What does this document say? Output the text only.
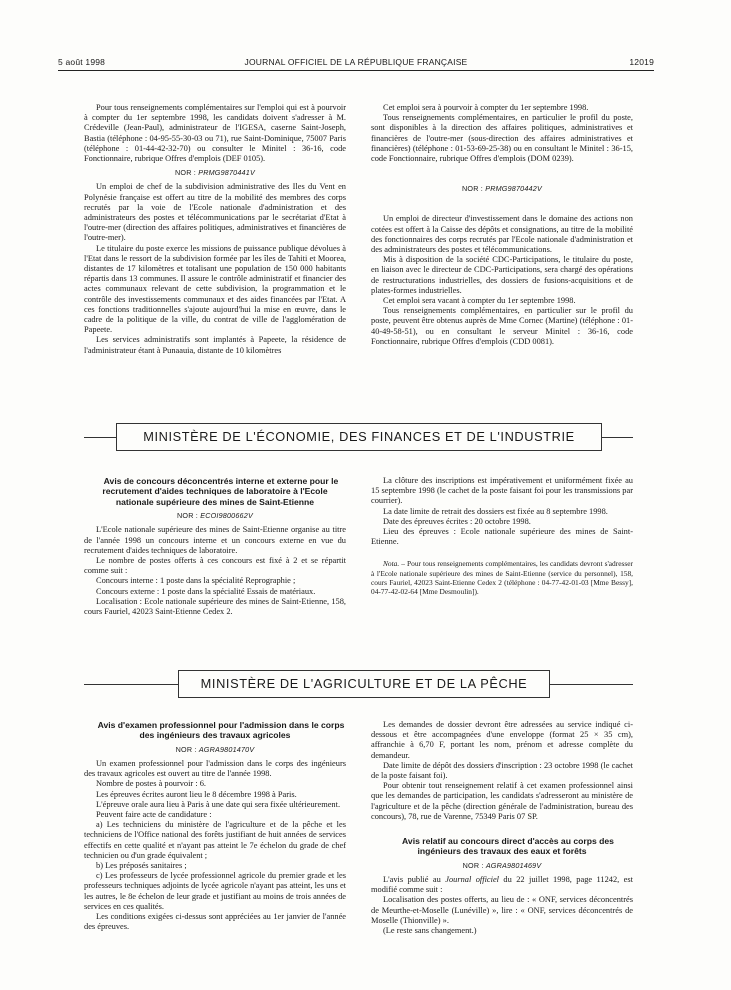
5 août 1998	JOURNAL OFFICIEL DE LA RÉPUBLIQUE FRANÇAISE	12019

Pour tous renseignements complémentaires sur l'emploi qui est à pourvoir à compter du 1er septembre 1998, les candidats doivent s'adresser à M. Crédeville (Jean-Paul), administrateur de l'IGESA, caserne Saint-Joseph, Bastia (téléphone : 04-95-55-30-03 ou 71), rue Saint-Dominique, 75007 Paris (téléphone : 01-44-42-32-70) ou consulter le Minitel : 36-16, code Fonctionnaire, rubrique Offres d'emplois (DEF 0105).

NOR : PRMG9870441V

Un emploi de chef de la subdivision administrative des Iles du Vent en Polynésie française est offert au titre de la mobilité des membres des corps recrutés par la voie de l'Ecole nationale d'administration et des administrateurs des postes et télécommunications par le secrétariat d'Etat à l'outre-mer (direction des affaires politiques, administratives et financières de l'outre-mer).

Le titulaire du poste exerce les missions de puissance publique dévolues à l'Etat dans le ressort de la subdivision formée par les îles de Tahiti et Moorea, distantes de 17 kilomètres et totalisant une population de 150 000 habitants répartis dans 13 communes. Il assure le contrôle administratif et financier des actes communaux relevant de cette subdivision, la programmation et le contrôle des investissements communaux et des aides financées par l'Etat. A ces fonctions traditionnelles s'ajoute aujourd'hui la mise en œuvre, dans le cadre de la politique de la ville, du contrat de ville de l'agglomération de Papeete.

Les services administratifs sont implantés à Papeete, la résidence de l'administrateur étant à Punaauia, distante de 10 kilomètres

Cet emploi sera à pourvoir à compter du 1er septembre 1998.

Tous renseignements complémentaires, en particulier le profil du poste, sont disponibles à la direction des affaires politiques, administratives et financières de l'outre-mer (sous-direction des affaires administratives et financières) (téléphone : 01-53-69-25-38) ou en consultant le Minitel : 36-15, code Fonctionnaire, rubrique Offres d'emplois (DOM 0239).

NOR : PRMG9870442V

Un emploi de directeur d'investissement dans le domaine des actions non cotées est offert à la Caisse des dépôts et consignations, au titre de la mobilité des fonctionnaires des corps recrutés par l'Ecole nationale d'administration et des administrateurs des postes et télécommunications.

Mis à disposition de la société CDC-Participations, le titulaire du poste, en liaison avec le directeur de CDC-Participations, sera chargé des opérations de restructurations industrielles, des dossiers de fusions-acquisitions et de plates-formes industrielles.

Cet emploi sera vacant à compter du 1er septembre 1998.

Tous renseignements complémentaires, en particulier sur le profil du poste, peuvent être obtenus auprès de Mme Cornec (Martine) (téléphone : 01-40-49-58-51), ou en consultant le serveur Minitel : 36-16, code Fonctionnaire, rubrique Offres d'emplois (CDD 0081).

MINISTÈRE DE L'ÉCONOMIE, DES FINANCES ET DE L'INDUSTRIE

Avis de concours déconcentrés interne et externe pour le recrutement d'aides techniques de laboratoire à l'Ecole nationale supérieure des mines de Saint-Etienne

NOR : ECOI9800662V

L'Ecole nationale supérieure des mines de Saint-Etienne organise au titre de l'année 1998 un concours interne et un concours externe en vue du recrutement d'aides techniques de laboratoire.

Le nombre de postes offerts à ces concours est fixé à 2 et se répartit comme suit :

Concours interne : 1 poste dans la spécialité Reprographie ;

Concours externe : 1 poste dans la spécialité Essais de matériaux.

Localisation : Ecole nationale supérieure des mines de Saint-Etienne, 158, cours Fauriel, 42023 Saint-Etienne Cedex 2.

La clôture des inscriptions est impérativement et uniformément fixée au 15 septembre 1998 (le cachet de la poste faisant foi pour les transmissions par courrier).

La date limite de retrait des dossiers est fixée au 8 septembre 1998.

Date des épreuves écrites : 20 octobre 1998.

Lieu des épreuves : Ecole nationale supérieure des mines de Saint-Etienne.

Nota. – Pour tous renseignements complémentaires, les candidats devront s'adresser à l'Ecole nationale supérieure des mines de Saint-Etienne (service du personnel), 158, cours Fauriel, 42023 Saint-Etienne Cedex 2 (téléphone : 04-77-42-01-03 [Mme Bessy], 04-77-42-02-64 [Mme Desmoulin]).

MINISTÈRE DE L'AGRICULTURE ET DE LA PÊCHE

Avis d'examen professionnel pour l'admission dans le corps des ingénieurs des travaux agricoles

NOR : AGRA9801470V

Un examen professionnel pour l'admission dans le corps des ingénieurs des travaux agricoles est ouvert au titre de l'année 1998.

Nombre de postes à pourvoir : 6.

Les épreuves écrites auront lieu le 8 décembre 1998 à Paris.

L'épreuve orale aura lieu à Paris à une date qui sera fixée ultérieurement.

Peuvent faire acte de candidature :

a) Les techniciens du ministère de l'agriculture et de la pêche et les techniciens de l'Office national des forêts justifiant de huit années de services effectifs en cette qualité et n'ayant pas atteint le 7e échelon du grade de chef technicien ou d'un grade équivalent ;

b) Les préposés sanitaires ;

c) Les professeurs de lycée professionnel agricole du premier grade et les professeurs techniques adjoints de lycée agricole n'ayant pas atteint, les uns et les autres, le 8e échelon de leur grade et justifiant au moins de trois années de services en ces qualités.

Les conditions exigées ci-dessus sont appréciées au 1er janvier de l'année des épreuves.

Les demandes de dossier devront être adressées au service indiqué ci-dessous et être accompagnées d'une enveloppe (format 25 × 35 cm), affranchie à 6,70 F, portant les nom, prénom et adresse complète du demandeur.

Date limite de dépôt des dossiers d'inscription : 23 octobre 1998 (le cachet de la poste faisant foi).

Pour obtenir tout renseignement relatif à cet examen professionnel ainsi que les demandes de participation, les candidats s'adresseront au ministère de l'agriculture et de la pêche (direction générale de l'administration, bureau des concours), 78, rue de Varenne, 75349 Paris 07 SP.

Avis relatif au concours direct d'accès au corps des ingénieurs des travaux des eaux et forêts

NOR : AGRA9801469V

L'avis publié au Journal officiel du 22 juillet 1998, page 11242, est modifié comme suit :

Localisation des postes offerts, au lieu de : « ONF, services déconcentrés de Meurthe-et-Moselle (Lunéville) », lire : « ONF, services déconcentrés de Moselle (Thionville) ».

(Le reste sans changement.)
